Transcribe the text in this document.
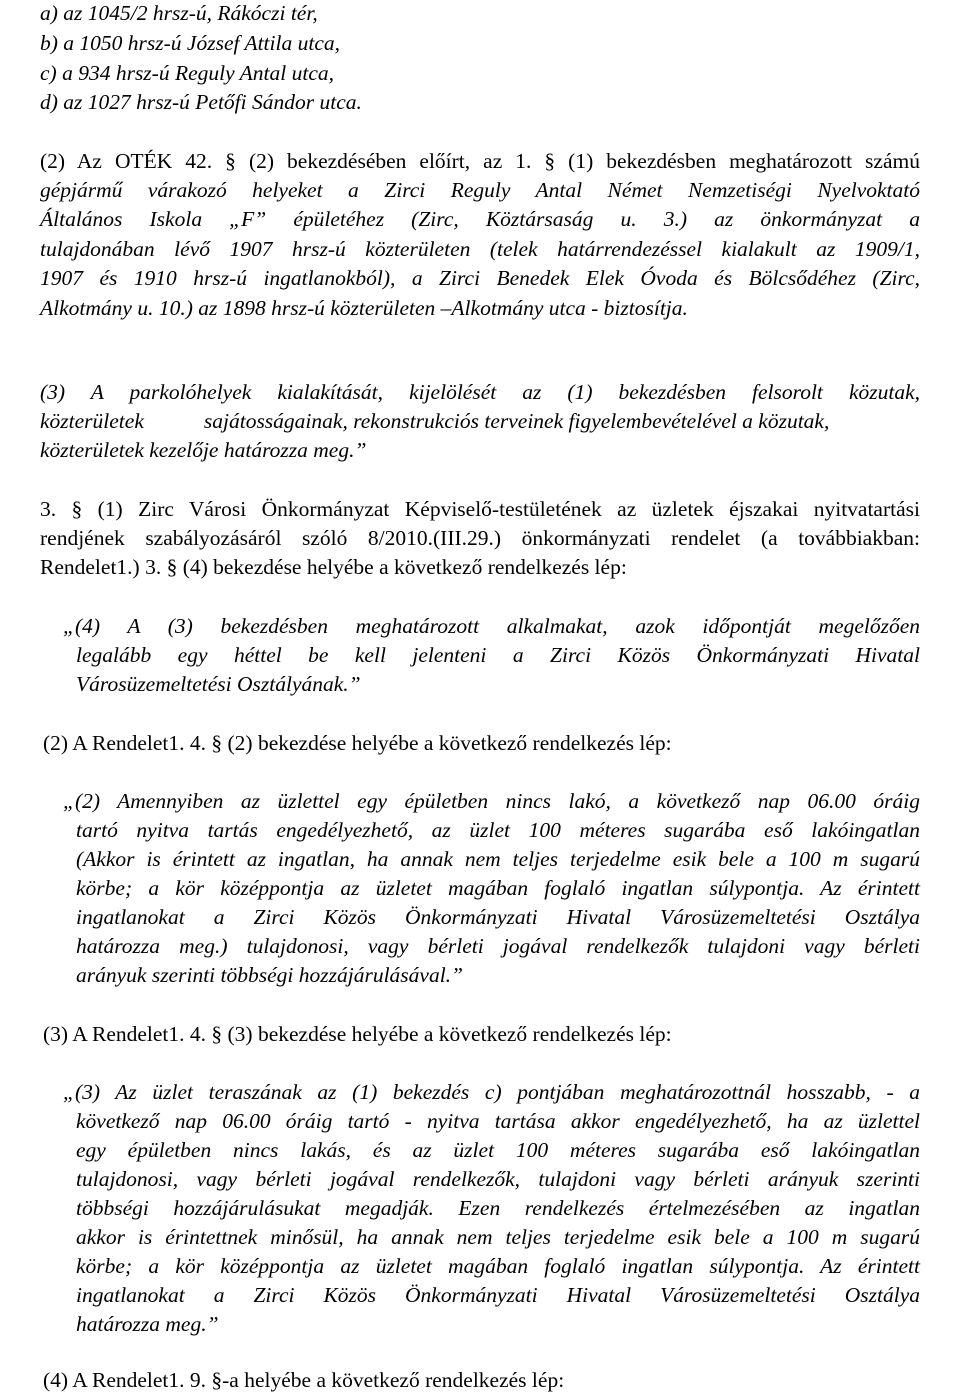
a) az 1045/2 hrsz-ú, Rákóczi tér,
b) a 1050 hrsz-ú József Attila utca,
c) a 934 hrsz-ú Reguly Antal utca,
d) az 1027 hrsz-ú Petőfi Sándor utca.
(2) Az OTÉK 42. § (2) bekezdésében előírt, az 1. § (1) bekezdésben meghatározott számú
gépjármű várakozó helyeket a Zirci Reguly Antal Német Nemzetiségi Nyelvoktató
Általános Iskola „F” épületéhez (Zirc, Köztársaság u. 3.) az önkormányzat a
tulajdonában lévő 1907 hrsz-ú közterületen (telek határrendezéssel kialakult az 1909/1,
1907 és 1910 hrsz-ú ingatlanokból), a Zirci Benedek Elek Óvoda és Bölcsődéhez (Zirc,
Alkotmány u. 10.) az 1898 hrsz-ú közterületen –Alkotmány utca - biztosítja.
(3) A parkolóhelyek kialakítását, kijelölését az (1) bekezdésben felsorolt közutak,
közterületek	sajátosságainak, rekonstrukciós terveinek figyelembevételével a közutak,
közterületek kezelője határozza meg.”
3. § (1) Zirc Városi Önkormányzat Képviselő-testületének az üzletek éjszakai nyitvatartási
rendjének szabályozásáról szóló 8/2010.(III.29.) önkormányzati rendelet (a továbbiakban:
Rendelet1.) 3. § (4) bekezdése helyébe a következő rendelkezés lép:
„(4) A (3) bekezdésben meghatározott alkalmakat, azok időpontját megelőzően
legalább egy héttel be kell jelenteni a Zirci Közös Önkormányzati Hivatal
Városüzemeltetési Osztályának.”
(2) A Rendelet1. 4. § (2) bekezdése helyébe a következő rendelkezés lép:
„(2) Amennyiben az üzlettel egy épületben nincs lakó, a következő nap 06.00 óráig
tartó nyitva tartás engedélyezhető, az üzlet 100 méteres sugarába eső lakóingatlan
(Akkor is érintett az ingatlan, ha annak nem teljes terjedelme esik bele a 100 m sugarú
körbe; a kör középpontja az üzletet magában foglaló ingatlan súlypontja. Az érintett
ingatlanokat a Zirci Közös Önkormányzati Hivatal Városüzemeltetési Osztálya
határozza meg.) tulajdonosi, vagy bérleti jogával rendelkezők tulajdoni vagy bérleti
arányuk szerinti többségi hozzájárulásával.”
(3) A Rendelet1. 4. § (3) bekezdése helyébe a következő rendelkezés lép:
„(3) Az üzlet teraszának az (1) bekezdés c) pontjában meghatározottnál hosszabb, - a
következő nap 06.00 óráig tartó - nyitva tartása akkor engedélyezhető, ha az üzlettel
egy épületben nincs lakás, és az üzlet 100 méteres sugarába eső lakóingatlan
tulajdonosi, vagy bérleti jogával rendelkezők, tulajdoni vagy bérleti arányuk szerinti
többségi hozzájárulásukat megadják. Ezen rendelkezés értelmezésében az ingatlan
akkor is érintettnek minősül, ha annak nem teljes terjedelme esik bele a 100 m sugarú
körbe; a kör középpontja az üzletet magában foglaló ingatlan súlypontja. Az érintett
ingatlanokat a Zirci Közös Önkormányzati Hivatal Városüzemeltetési Osztálya
határozza meg.”
(4) A Rendelet1. 9. §-a helyébe a következő rendelkezés lép:
